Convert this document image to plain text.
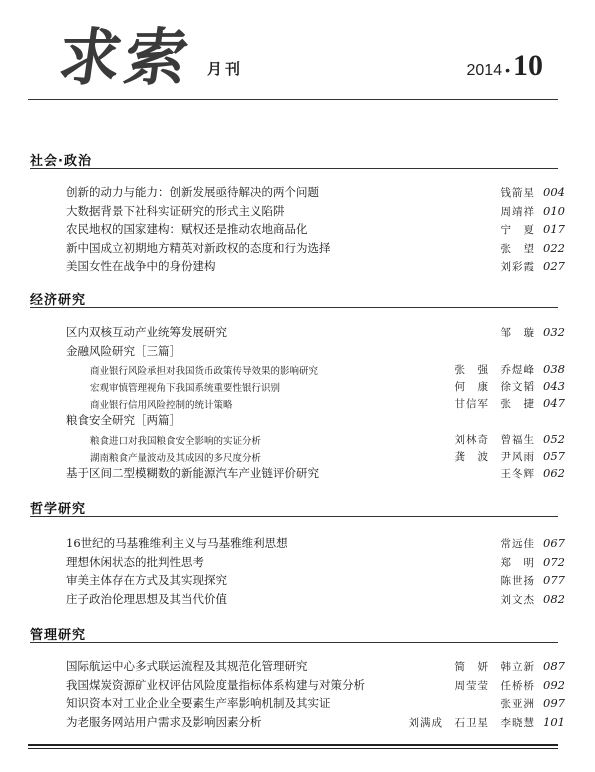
求索 月刊	2014 • 10
社会·政治
创新的动力与能力：创新发展亟待解决的两个问题	钱箭星 004
大数据背景下社科实证研究的形式主义陷阱	周靖祥 010
农民地权的国家建构：赋权还是推动农地商品化	宁　夏 017
新中国成立初期地方精英对新政权的态度和行为选择	张　望 022
美国女性在战争中的身份建构	刘彩霞 027
经济研究
区内双核互动产业统筹发展研究	邹　璇 032
金融风险研究［三篇］
商业银行风险承担对我国货币政策传导效果的影响研究	张　强　乔煜峰 038
宏观审慎管理视角下我国系统重要性银行识别	何　康　徐文韬 043
商业银行信用风险控制的统计策略	甘信军　张　捷 047
粮食安全研究［两篇］
粮食进口对我国粮食安全影响的实证分析	刘林奇　曾福生 052
湖南粮食产量波动及其成因的多尺度分析	龚　波　尹风雨 057
基于区间二型模糊数的新能源汽车产业链评价研究	王冬辉 062
哲学研究
16世纪的马基雅维利主义与马基雅维利思想	常远佳 067
理想休闲状态的批判性思考	郑　明 072
审美主体存在方式及其实现探究	陈世扬 077
庄子政治伦理思想及其当代价值	刘文杰 082
管理研究
国际航运中心多式联运流程及其规范化管理研究	简　妍　韩立新 087
我国煤炭资源矿业权评估风险度量指标体系构建与对策分析	周莹莹　任桥桥 092
知识资本对工业企业全要素生产率影响机制及其实证	张亚洲 097
为老服务网站用户需求及影响因素分析	刘满成　石卫星　李晓慧 101
